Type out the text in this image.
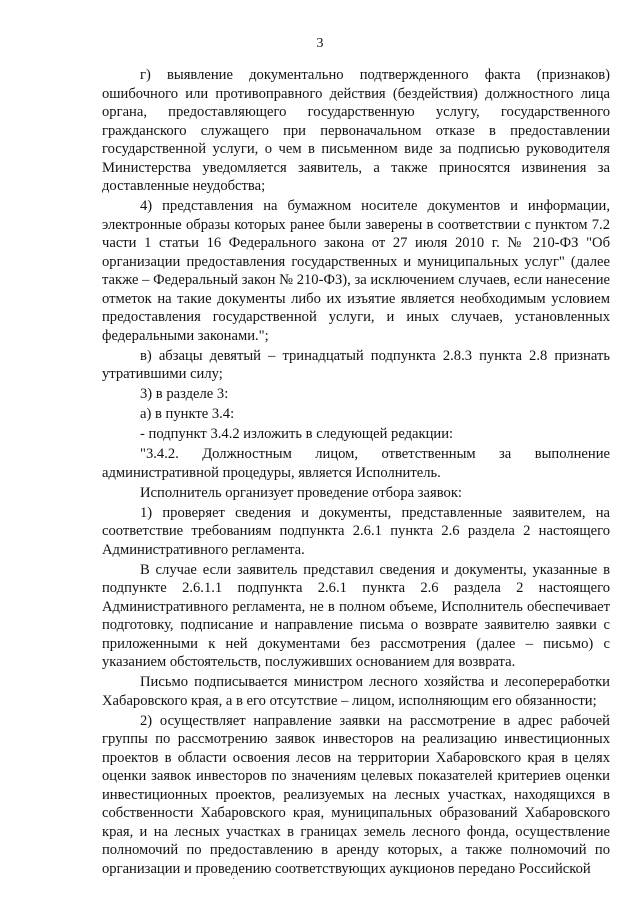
3

г) выявление документально подтвержденного факта (признаков) ошибочного или противоправного действия (бездействия) должностного лица органа, предоставляющего государственную услугу, государственного гражданского служащего при первоначальном отказе в предоставлении государственной услуги, о чем в письменном виде за подписью руководителя Министерства уведомляется заявитель, а также приносятся извинения за доставленные неудобства;

4) представления на бумажном носителе документов и информации, электронные образы которых ранее были заверены в соответствии с пунктом 7.2 части 1 статьи 16 Федерального закона от 27 июля 2010 г. № 210-ФЗ "Об организации предоставления государственных и муниципальных услуг" (далее также – Федеральный закон № 210-ФЗ), за исключением случаев, если нанесение отметок на такие документы либо их изъятие является необходимым условием предоставления государственной услуги, и иных случаев, установленных федеральными законами.";

в) абзацы девятый – тринадцатый подпункта 2.8.3 пункта 2.8 признать утратившими силу;

3) в разделе 3:

а) в пункте 3.4:

- подпункт 3.4.2 изложить в следующей редакции:

"3.4.2. Должностным лицом, ответственным за выполнение административной процедуры, является Исполнитель.

Исполнитель организует проведение отбора заявок:

1) проверяет сведения и документы, представленные заявителем, на соответствие требованиям подпункта 2.6.1 пункта 2.6 раздела 2 настоящего Административного регламента.

В случае если заявитель представил сведения и документы, указанные в подпункте 2.6.1.1 подпункта 2.6.1 пункта 2.6 раздела 2 настоящего Административного регламента, не в полном объеме, Исполнитель обеспечивает подготовку, подписание и направление письма о возврате заявителю заявки с приложенными к ней документами без рассмотрения (далее – письмо) с указанием обстоятельств, послуживших основанием для возврата.

Письмо подписывается министром лесного хозяйства и лесопереработки Хабаровского края, а в его отсутствие – лицом, исполняющим его обязанности;

2) осуществляет направление заявки на рассмотрение в адрес рабочей группы по рассмотрению заявок инвесторов на реализацию инвестиционных проектов в области освоения лесов на территории Хабаровского края в целях оценки заявок инвесторов по значениям целевых показателей критериев оценки инвестиционных проектов, реализуемых на лесных участках, находящихся в собственности Хабаровского края, муниципальных образований Хабаровского края, и на лесных участках в границах земель лесного фонда, осуществление полномочий по предоставлению в аренду которых, а также полномочий по организации и проведению соответствующих аукционов передано Российской

·
